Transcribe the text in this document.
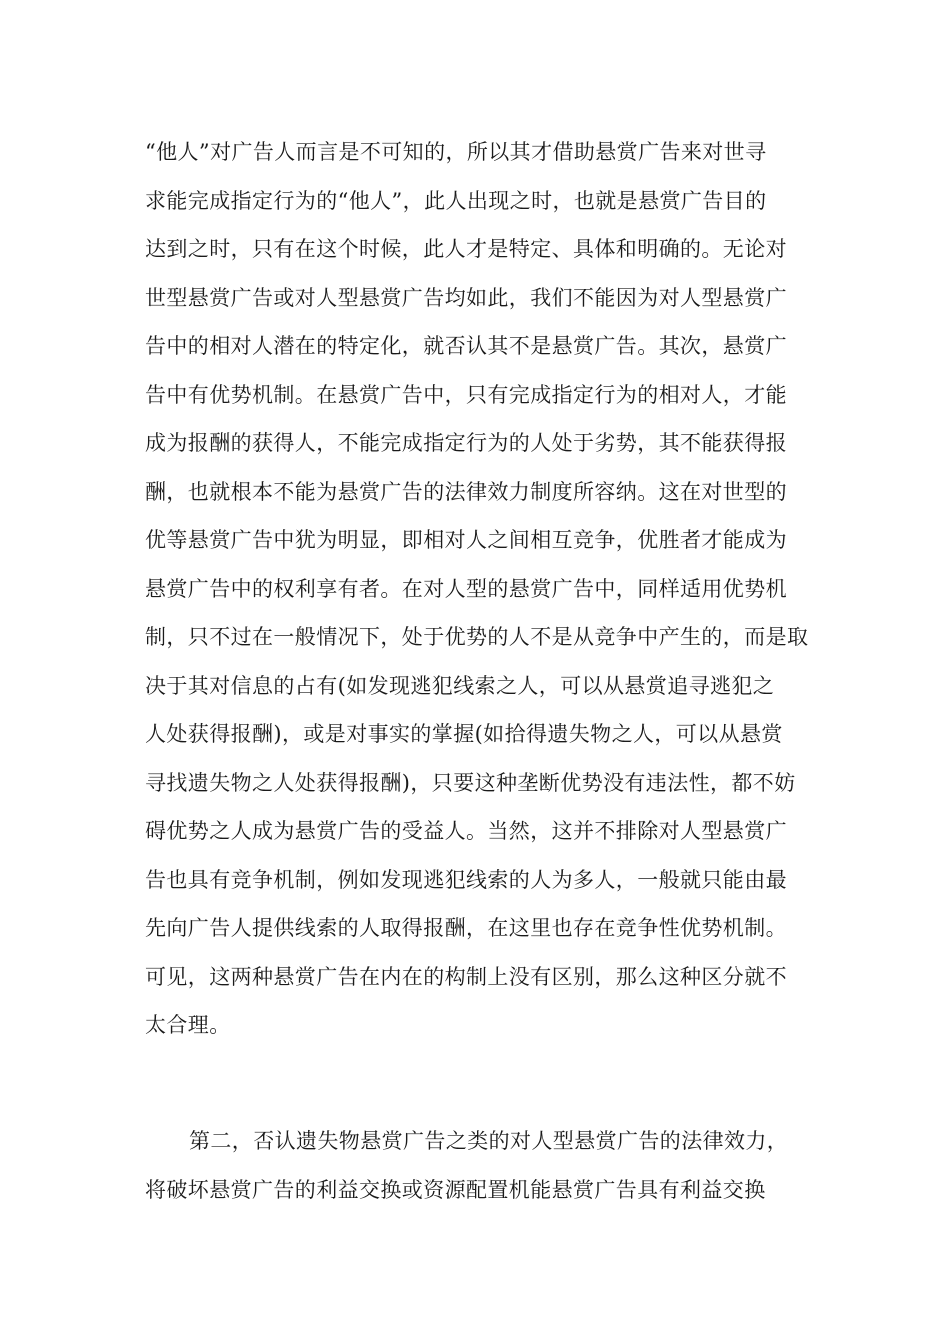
“他人”对广告人而言是不可知的，所以其才借助悬赏广告来对世寻
求能完成指定行为的“他人”，此人出现之时，也就是悬赏广告目的
达到之时，只有在这个时候，此人才是特定、具体和明确的。无论对
世型悬赏广告或对人型悬赏广告均如此，我们不能因为对人型悬赏广
告中的相对人潜在的特定化，就否认其不是悬赏广告。其次，悬赏广
告中有优势机制。在悬赏广告中，只有完成指定行为的相对人，才能
成为报酬的获得人，不能完成指定行为的人处于劣势，其不能获得报
酬，也就根本不能为悬赏广告的法律效力制度所容纳。这在对世型的
优等悬赏广告中犹为明显，即相对人之间相互竞争，优胜者才能成为
悬赏广告中的权利享有者。在对人型的悬赏广告中，同样适用优势机
制，只不过在一般情况下，处于优势的人不是从竞争中产生的，而是取
决于其对信息的占有(如发现逃犯线索之人，可以从悬赏追寻逃犯之
人处获得报酬)，或是对事实的掌握(如拾得遗失物之人，可以从悬赏
寻找遗失物之人处获得报酬)，只要这种垄断优势没有违法性，都不妨
碍优势之人成为悬赏广告的受益人。当然，这并不排除对人型悬赏广
告也具有竞争机制，例如发现逃犯线索的人为多人，一般就只能由最
先向广告人提供线索的人取得报酬，在这里也存在竞争性优势机制。
可见，这两种悬赏广告在内在的构制上没有区别，那么这种区分就不
太合理。
第二，否认遗失物悬赏广告之类的对人型悬赏广告的法律效力，
将破坏悬赏广告的利益交换或资源配置机能悬赏广告具有利益交换
